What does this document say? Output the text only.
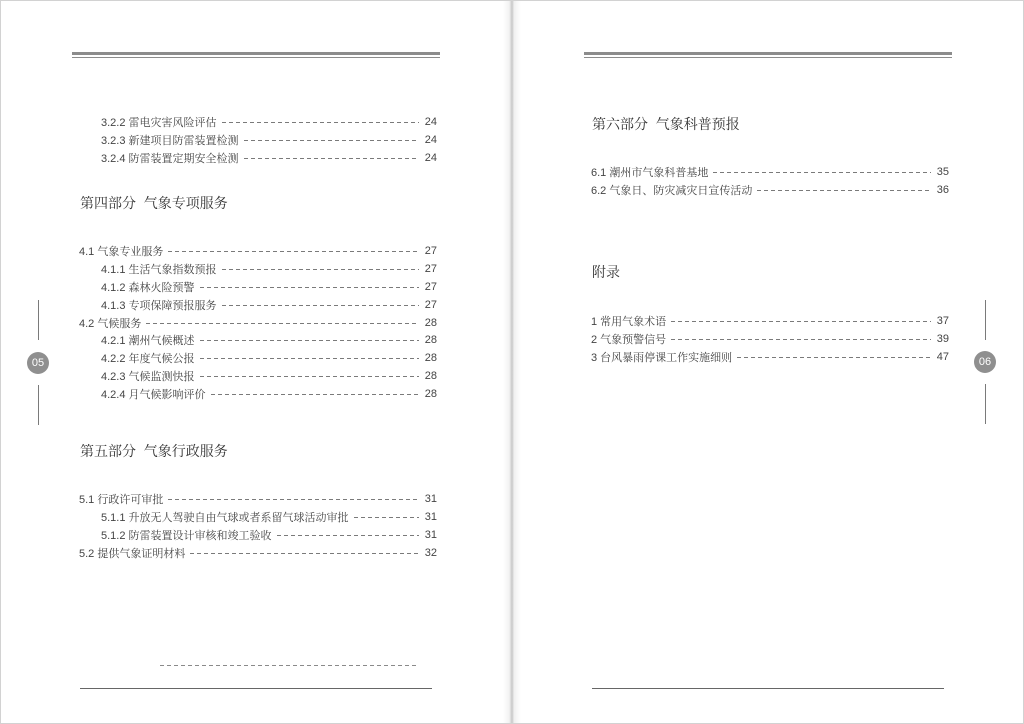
3.2.2 雷电灾害风险评估	24
3.2.3 新建项目防雷装置检测	24
3.2.4 防雷装置定期安全检测	24
第四部分  气象专项服务
4.1 气象专业服务	27
4.1.1 生活气象指数预报	27
4.1.2 森林火险预警	27
4.1.3 专项保障预报服务	27
4.2 气候服务	28
4.2.1 潮州气候概述	28
4.2.2 年度气候公报	28
4.2.3 气候监测快报	28
4.2.4 月气候影响评价	28
第五部分  气象行政服务
5.1 行政许可审批	31
5.1.1 升放无人驾驶自由气球或者系留气球活动审批	31
5.1.2 防雷装置设计审核和竣工验收	31
5.2 提供气象证明材料	32
05
第六部分  气象科普预报
6.1 潮州市气象科普基地	35
6.2 气象日、防灾减灾日宣传活动	36
附录
1 常用气象术语	37
2 气象预警信号	39
3 台风暴雨停课工作实施细则	47	06
